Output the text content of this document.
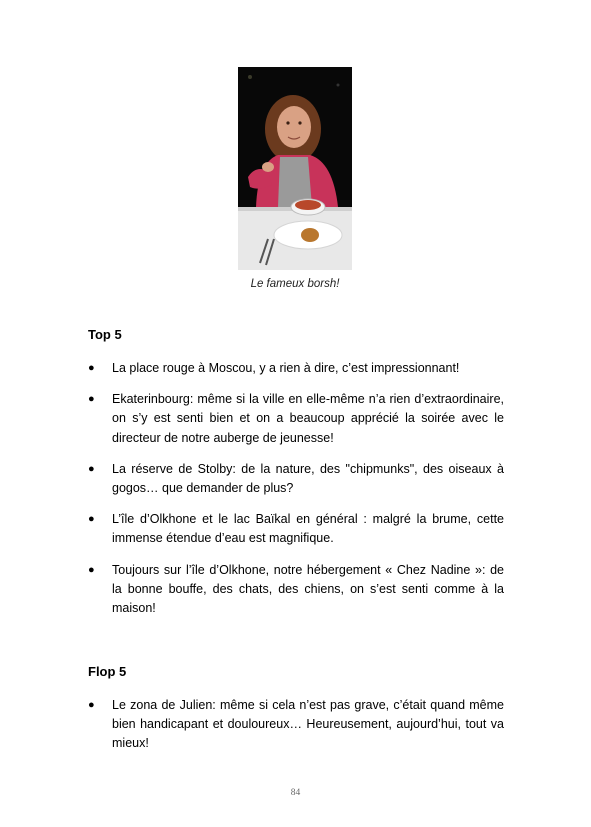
Le fameux borsh!
Top 5
● La place rouge à Moscou, y a rien à dire, c’est impressionnant!
● Ekaterinbourg: même si la ville en elle-même n’a rien d’extraordinaire, on s’y est senti bien et on a beaucoup apprécié la soirée avec le directeur de notre auberge de jeunesse!
● La réserve de Stolby: de la nature, des "chipmunks", des oiseaux à gogos… que demander de plus?
● L’île d’Olkhone et le lac Baïkal en général : malgré la brume, cette immense étendue d’eau est magnifique.
● Toujours sur l’île d’Olkhone, notre hébergement « Chez Nadine »: de la bonne bouffe, des chats, des chiens, on s’est senti comme à la maison!
Flop 5
● Le zona de Julien: même si cela n’est pas grave, c’était quand même bien handicapant et douloureux… Heureusement, aujourd’hui, tout va mieux!
84
